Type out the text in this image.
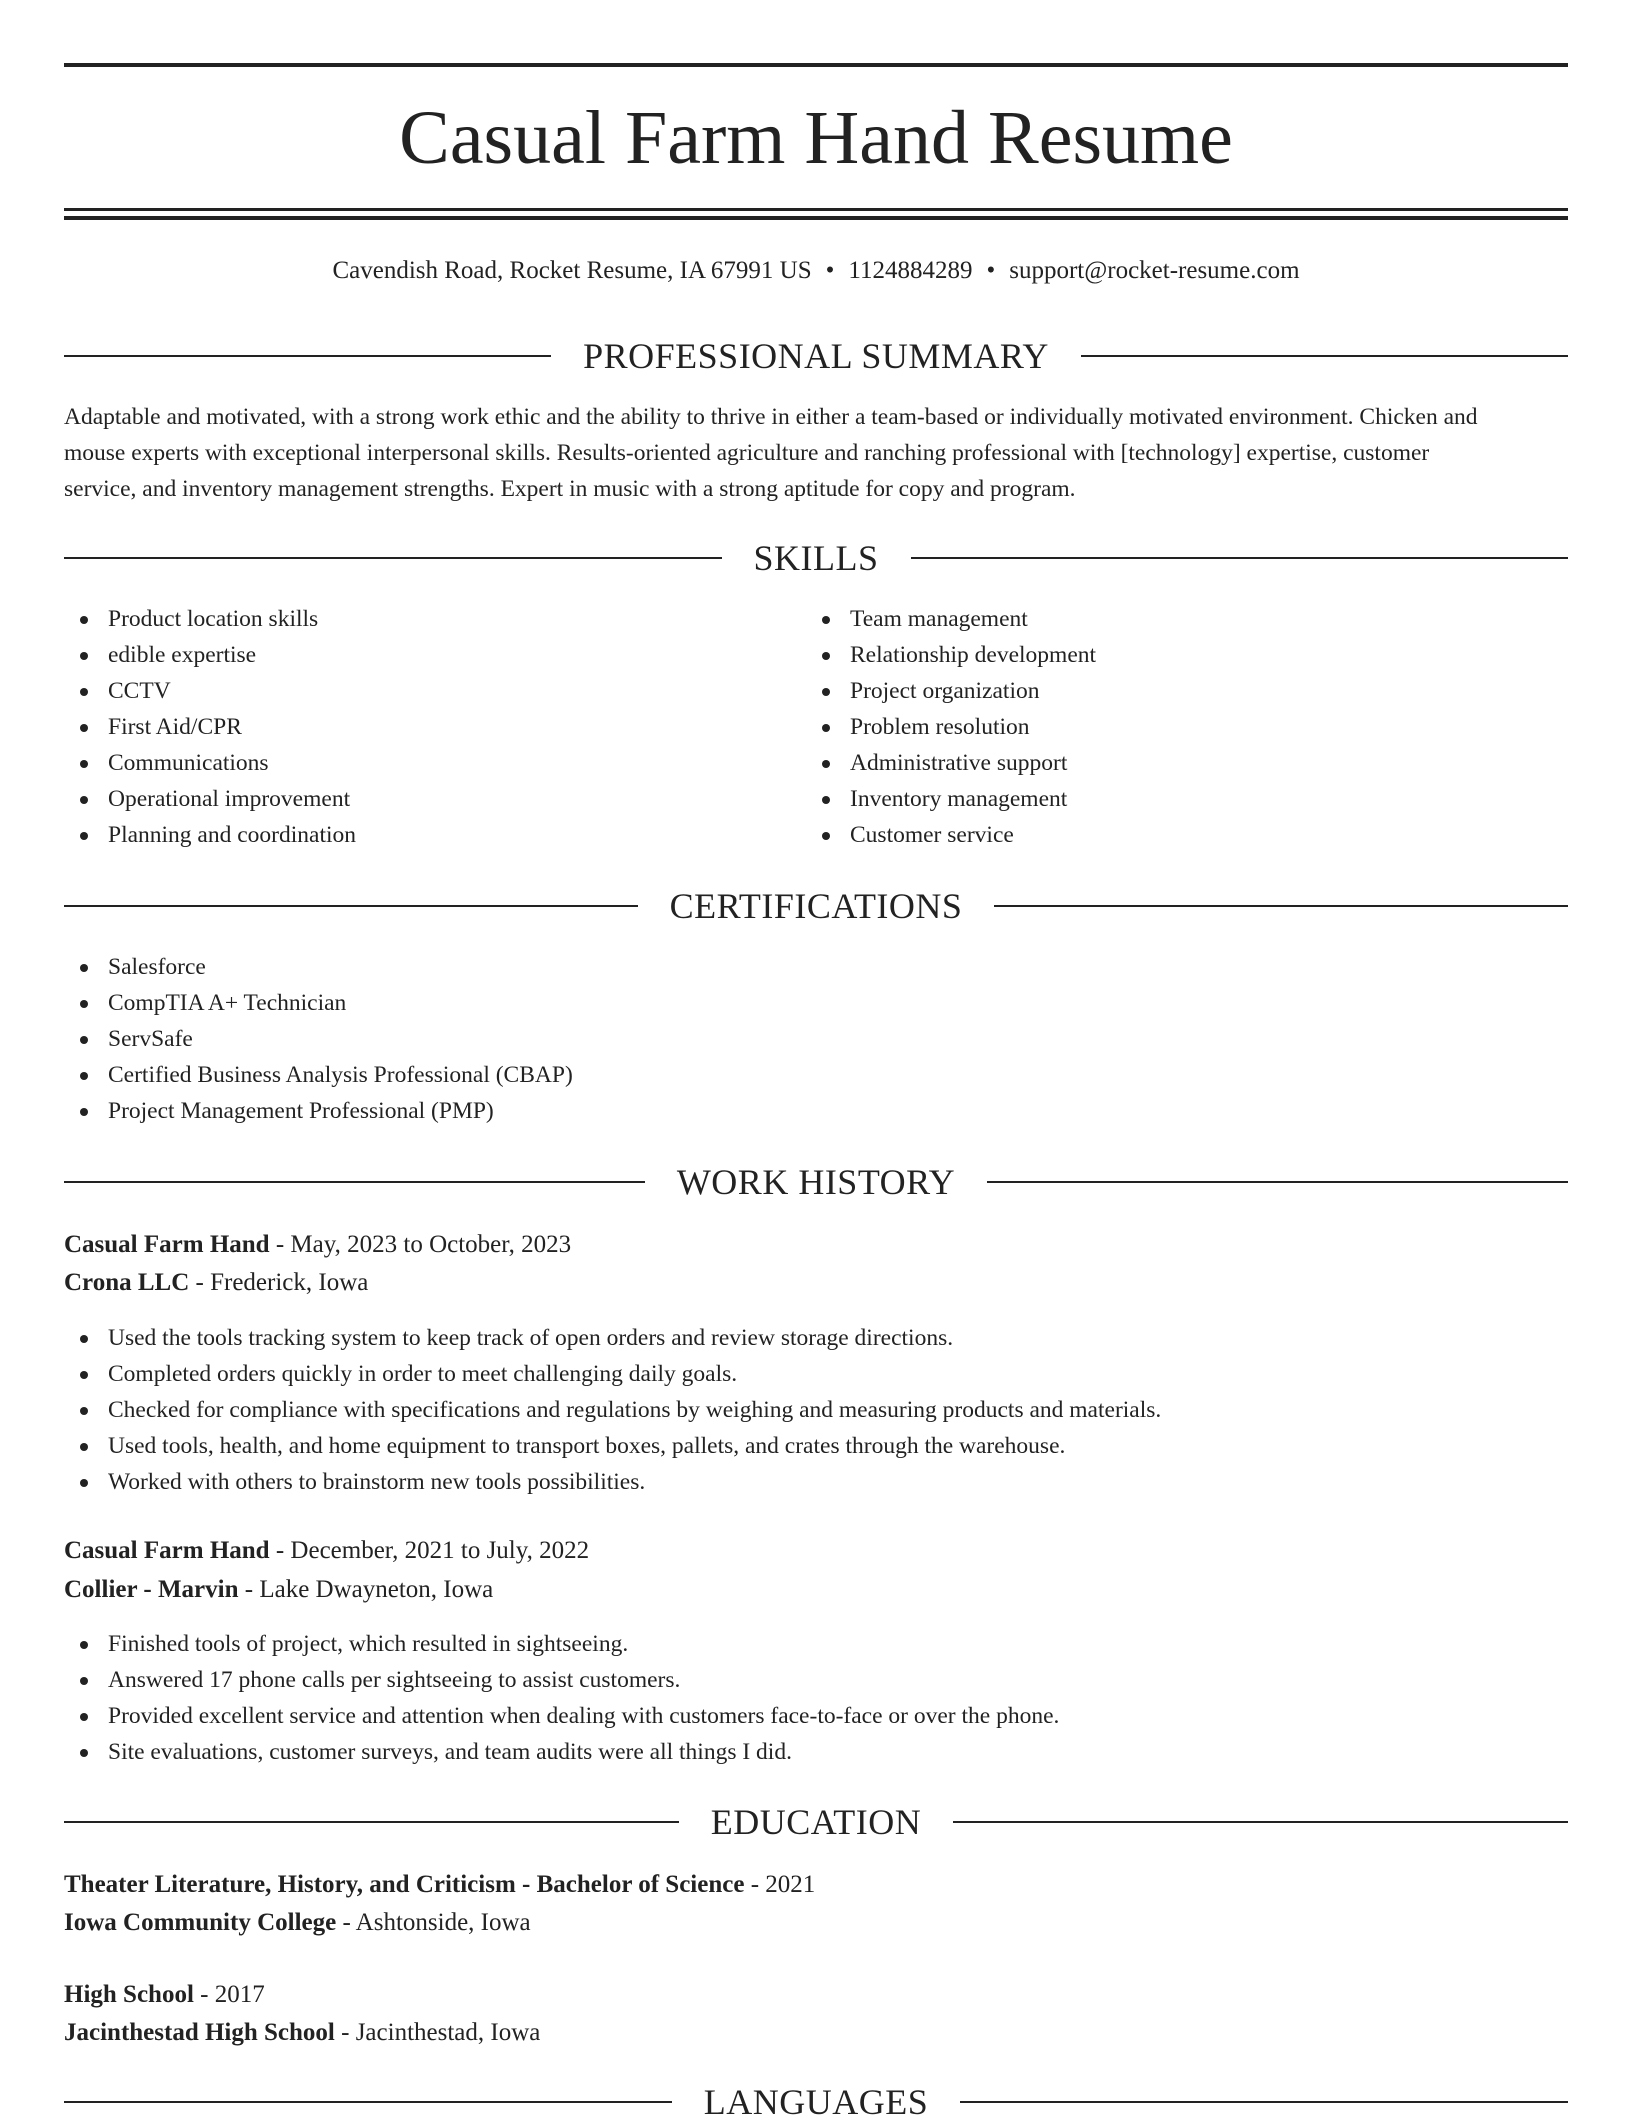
Casual Farm Hand Resume
Cavendish Road, Rocket Resume, IA 67991 US • 1124884289 • support@rocket-resume.com
PROFESSIONAL SUMMARY

Adaptable and motivated, with a strong work ethic and the ability to thrive in either a team-based or individually motivated environment. Chicken and
mouse experts with exceptional interpersonal skills. Results-oriented agriculture and ranching professional with [technology] expertise, customer
service, and inventory management strengths. Expert in music with a strong aptitude for copy and program.

SKILLS
Product location skills
edible expertise
CCTV
First Aid/CPR
Communications
Operational improvement
Planning and coordination
Team management
Relationship development
Project organization
Problem resolution
Administrative support
Inventory management
Customer service
CERTIFICATIONS
Salesforce
CompTIA A+ Technician
ServSafe
Certified Business Analysis Professional (CBAP)
Project Management Professional (PMP)
WORK HISTORY
Casual Farm Hand - May, 2023 to October, 2023
Crona LLC - Frederick, Iowa
Used the tools tracking system to keep track of open orders and review storage directions.
Completed orders quickly in order to meet challenging daily goals.
Checked for compliance with specifications and regulations by weighing and measuring products and materials.
Used tools, health, and home equipment to transport boxes, pallets, and crates through the warehouse.
Worked with others to brainstorm new tools possibilities.
Casual Farm Hand - December, 2021 to July, 2022
Collier - Marvin - Lake Dwayneton, Iowa
Finished tools of project, which resulted in sightseeing.
Answered 17 phone calls per sightseeing to assist customers.
Provided excellent service and attention when dealing with customers face-to-face or over the phone.
Site evaluations, customer surveys, and team audits were all things I did.
EDUCATION
Theater Literature, History, and Criticism - Bachelor of Science - 2021
Iowa Community College - Ashtonside, Iowa
High School - 2017
Jacinthestad High School - Jacinthestad, Iowa
LANGUAGES
